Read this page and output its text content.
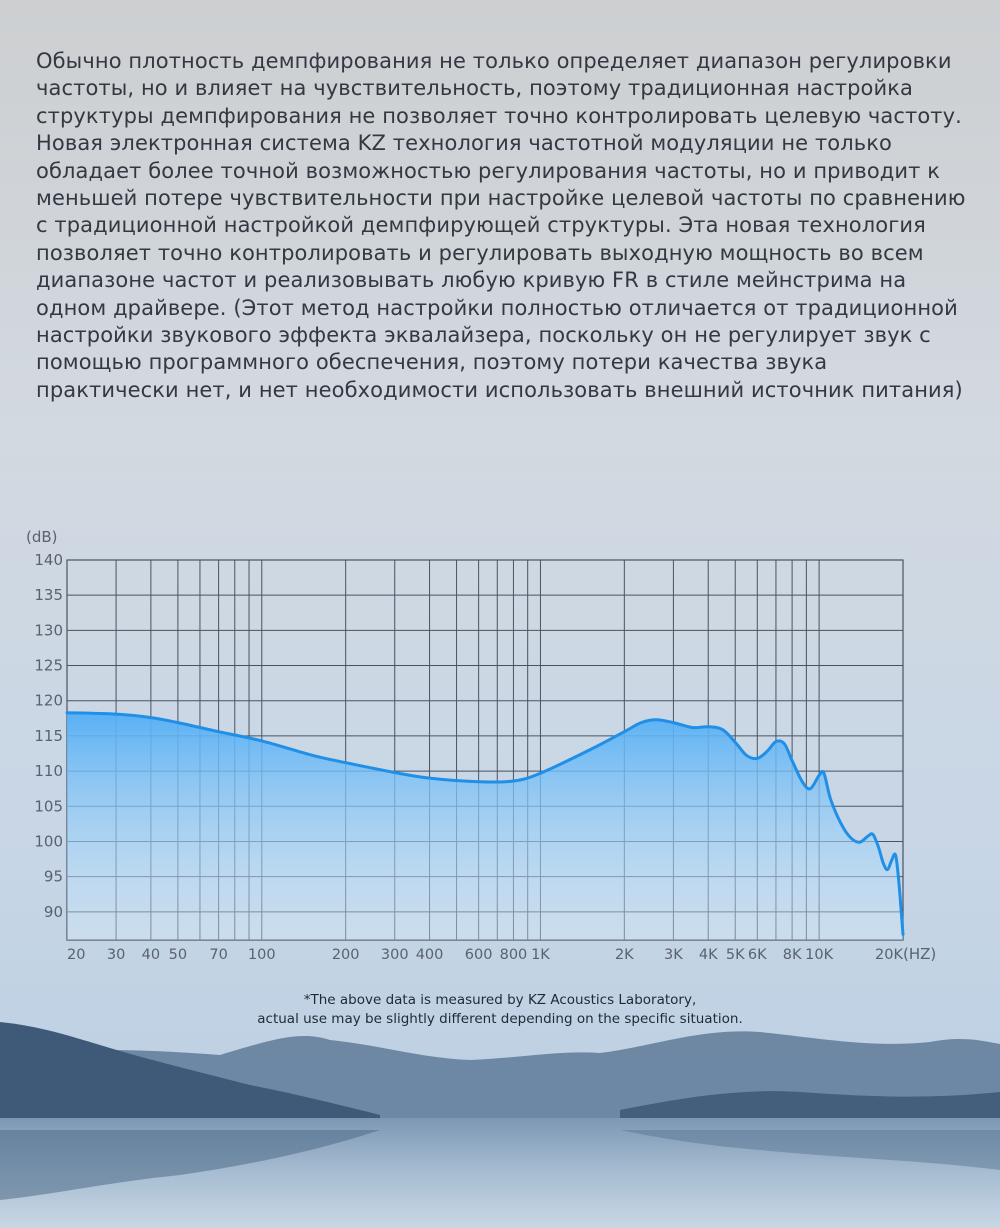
Обычно плотность демпфирования не только определяет диапазон регулировки частоты, но и влияет на чувствительность, поэтому традиционная настройка структуры демпфирования не позволяет точно контролировать целевую частоту. Новая электронная система KZ технология частотной модуляции не только обладает более точной возможностью регулирования частоты, но и приводит к меньшей потере чувствительности при настройке целевой частоты по сравнению с традиционной настройкой демпфирующей структуры. Эта новая технология позволяет точно контролировать и регулировать выходную мощность во всем диапазоне частот и реализовывать любую кривую FR в стиле мейнстрима на одном драйвере. (Этот метод настройки полностью отличается от традиционной настройки звукового эффекта эквалайзера, поскольку он не регулирует звук с помощью программного обеспечения, поэтому потери качества звука практически нет, и нет необходимости использовать внешний источник питания)

140
135
130
125
120
115
110
105
100
95
90
20 30 40 50 70 100	200 300 400 600 800 1K	2K 3K 4K 5K 6K 8K 10K	20K
(dB)
(HZ)
*The above data is measured by KZ Acoustics Laboratory,
actual use may be slightly different depending on the specific situation.
